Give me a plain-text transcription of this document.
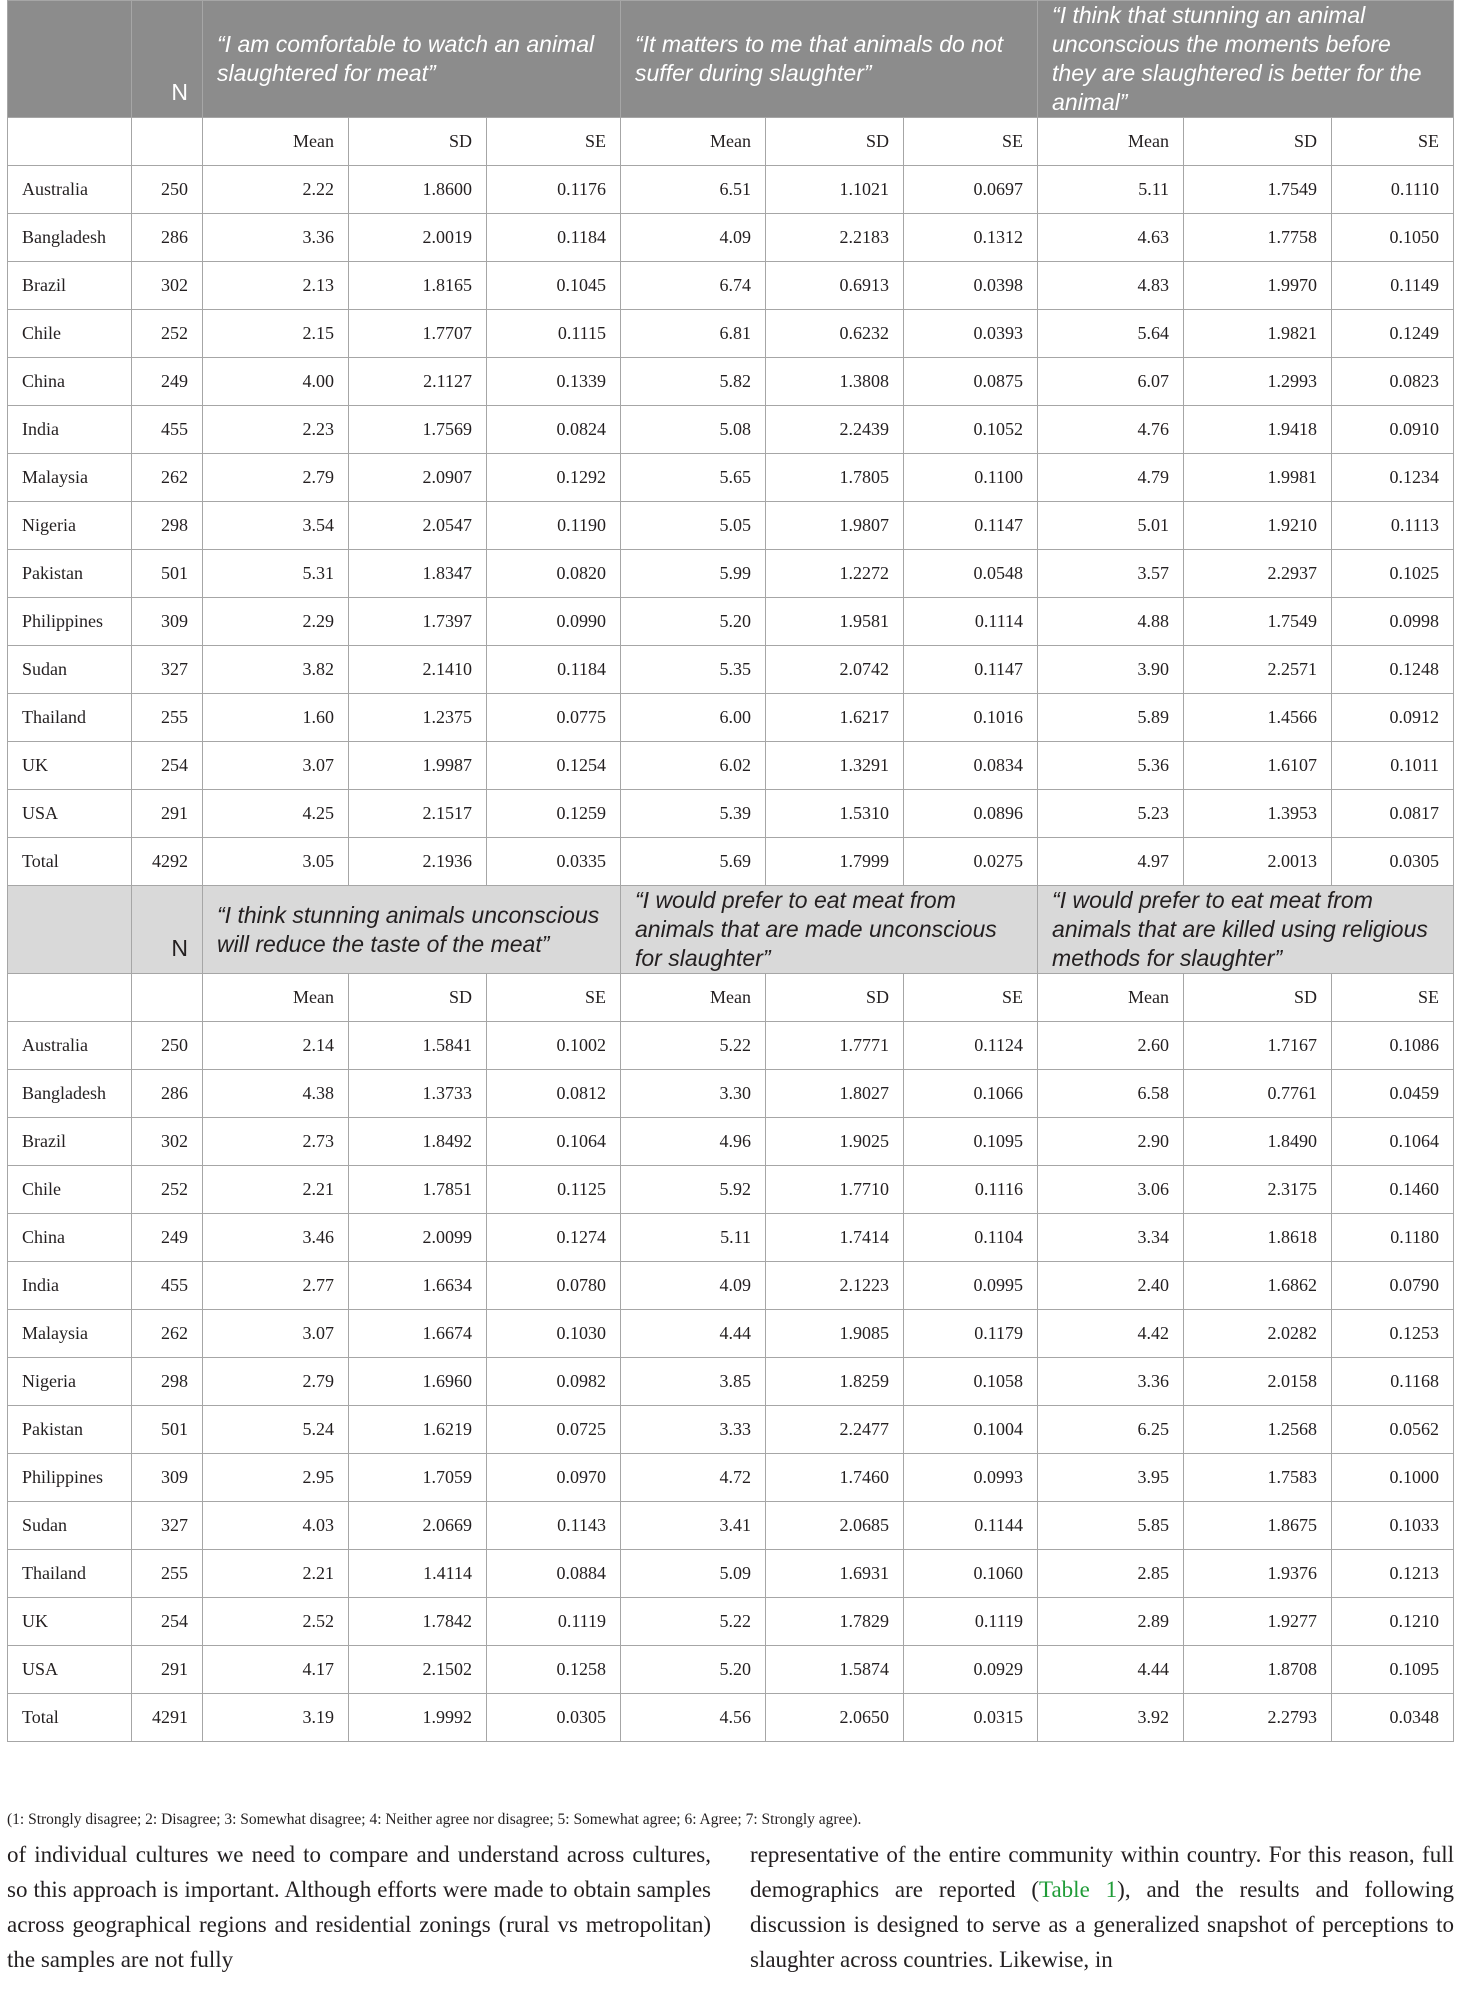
	N	“I am comfortable to watch an animal slaughtered for meat”			“It matters to me that animals do not suffer during slaughter”			“I think that stunning an animal unconscious the moments before they are slaughtered is better for the animal”		
		Mean	SD	SE	Mean	SD	SE	Mean	SD	SE
Australia	250	2.22	1.8600	0.1176	6.51	1.1021	0.0697	5.11	1.7549	0.1110
Bangladesh	286	3.36	2.0019	0.1184	4.09	2.2183	0.1312	4.63	1.7758	0.1050
Brazil	302	2.13	1.8165	0.1045	6.74	0.6913	0.0398	4.83	1.9970	0.1149
Chile	252	2.15	1.7707	0.1115	6.81	0.6232	0.0393	5.64	1.9821	0.1249
China	249	4.00	2.1127	0.1339	5.82	1.3808	0.0875	6.07	1.2993	0.0823
India	455	2.23	1.7569	0.0824	5.08	2.2439	0.1052	4.76	1.9418	0.0910
Malaysia	262	2.79	2.0907	0.1292	5.65	1.7805	0.1100	4.79	1.9981	0.1234
Nigeria	298	3.54	2.0547	0.1190	5.05	1.9807	0.1147	5.01	1.9210	0.1113
Pakistan	501	5.31	1.8347	0.0820	5.99	1.2272	0.0548	3.57	2.2937	0.1025
Philippines	309	2.29	1.7397	0.0990	5.20	1.9581	0.1114	4.88	1.7549	0.0998
Sudan	327	3.82	2.1410	0.1184	5.35	2.0742	0.1147	3.90	2.2571	0.1248
Thailand	255	1.60	1.2375	0.0775	6.00	1.6217	0.1016	5.89	1.4566	0.0912
UK	254	3.07	1.9987	0.1254	6.02	1.3291	0.0834	5.36	1.6107	0.1011
USA	291	4.25	2.1517	0.1259	5.39	1.5310	0.0896	5.23	1.3953	0.0817
Total	4292	3.05	2.1936	0.0335	5.69	1.7999	0.0275	4.97	2.0013	0.0305
	N	“I think stunning animals unconscious will reduce the taste of the meat”			“I would prefer to eat meat from animals that are made unconscious for slaughter”			“I would prefer to eat meat from animals that are killed using religious methods for slaughter”		
		Mean	SD	SE	Mean	SD	SE	Mean	SD	SE
Australia	250	2.14	1.5841	0.1002	5.22	1.7771	0.1124	2.60	1.7167	0.1086
Bangladesh	286	4.38	1.3733	0.0812	3.30	1.8027	0.1066	6.58	0.7761	0.0459
Brazil	302	2.73	1.8492	0.1064	4.96	1.9025	0.1095	2.90	1.8490	0.1064
Chile	252	2.21	1.7851	0.1125	5.92	1.7710	0.1116	3.06	2.3175	0.1460
China	249	3.46	2.0099	0.1274	5.11	1.7414	0.1104	3.34	1.8618	0.1180
India	455	2.77	1.6634	0.0780	4.09	2.1223	0.0995	2.40	1.6862	0.0790
Malaysia	262	3.07	1.6674	0.1030	4.44	1.9085	0.1179	4.42	2.0282	0.1253
Nigeria	298	2.79	1.6960	0.0982	3.85	1.8259	0.1058	3.36	2.0158	0.1168
Pakistan	501	5.24	1.6219	0.0725	3.33	2.2477	0.1004	6.25	1.2568	0.0562
Philippines	309	2.95	1.7059	0.0970	4.72	1.7460	0.0993	3.95	1.7583	0.1000
Sudan	327	4.03	2.0669	0.1143	3.41	2.0685	0.1144	5.85	1.8675	0.1033
Thailand	255	2.21	1.4114	0.0884	5.09	1.6931	0.1060	2.85	1.9376	0.1213
UK	254	2.52	1.7842	0.1119	5.22	1.7829	0.1119	2.89	1.9277	0.1210
USA	291	4.17	2.1502	0.1258	5.20	1.5874	0.0929	4.44	1.8708	0.1095
Total	4291	3.19	1.9992	0.0305	4.56	2.0650	0.0315	3.92	2.2793	0.0348
(1: Strongly disagree; 2: Disagree; 3: Somewhat disagree; 4: Neither agree nor disagree; 5: Somewhat agree; 6: Agree; 7: Strongly agree).
of individual cultures we need to compare and understand across cultures, so this approach is important. Although efforts were made to obtain samples across geographical regions and residential zonings (rural vs metropolitan) the samples are not fully
representative of the entire community within country. For this reason, full demographics are reported (Table 1), and the results and following discussion is designed to serve as a generalized snapshot of perceptions to slaughter across countries. Likewise, in
